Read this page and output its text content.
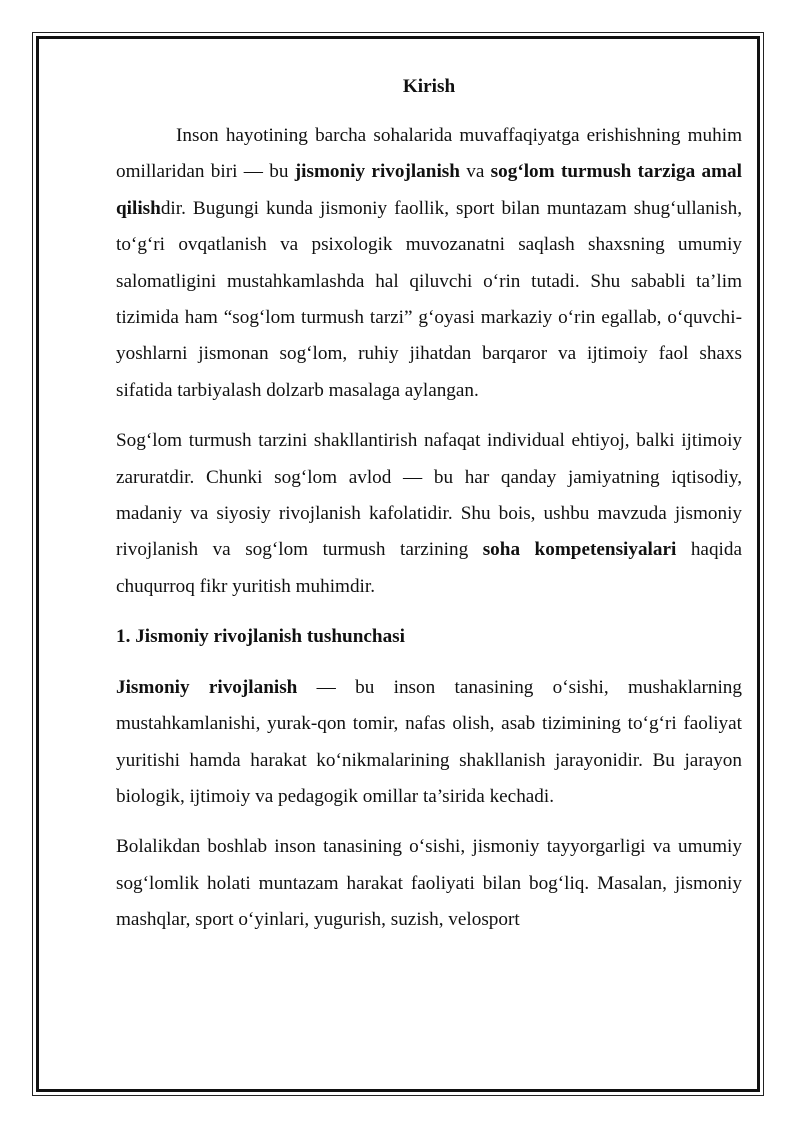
Kirish

Inson hayotining barcha sohalarida muvaffaqiyatga erishishning muhim omillaridan biri — bu jismoniy rivojlanish va sog‘lom turmush tarziga amal qilishdir. Bugungi kunda jismoniy faollik, sport bilan muntazam shug‘ullanish, to‘g‘ri ovqatlanish va psixologik muvozanatni saqlash shaxsning umumiy salomatligini mustahkamlashda hal qiluvchi o‘rin tutadi. Shu sababli ta’lim tizimida ham “sog‘lom turmush tarzi” g‘oyasi markaziy o‘rin egallab, o‘quvchi-yoshlarni jismonan sog‘lom, ruhiy jihatdan barqaror va ijtimoiy faol shaxs sifatida tarbiyalash dolzarb masalaga aylangan.

Sog‘lom turmush tarzini shakllantirish nafaqat individual ehtiyoj, balki ijtimoiy zaruratdir. Chunki sog‘lom avlod — bu har qanday jamiyatning iqtisodiy, madaniy va siyosiy rivojlanish kafolatidir. Shu bois, ushbu mavzuda jismoniy rivojlanish va sog‘lom turmush tarzining soha kompetensiyalari haqida chuqurroq fikr yuritish muhimdir.

1. Jismoniy rivojlanish tushunchasi

Jismoniy rivojlanish — bu inson tanasining o‘sishi, mushaklarning mustahkamlanishi, yurak-qon tomir, nafas olish, asab tizimining to‘g‘ri faoliyat yuritishi hamda harakat ko‘nikmalarining shakllanish jarayonidir. Bu jarayon biologik, ijtimoiy va pedagogik omillar ta’sirida kechadi.

Bolalikdan boshlab inson tanasining o‘sishi, jismoniy tayyorgarligi va umumiy sog‘lomlik holati muntazam harakat faoliyati bilan bog‘liq. Masalan, jismoniy mashqlar, sport o‘yinlari, yugurish, suzish, velosport
